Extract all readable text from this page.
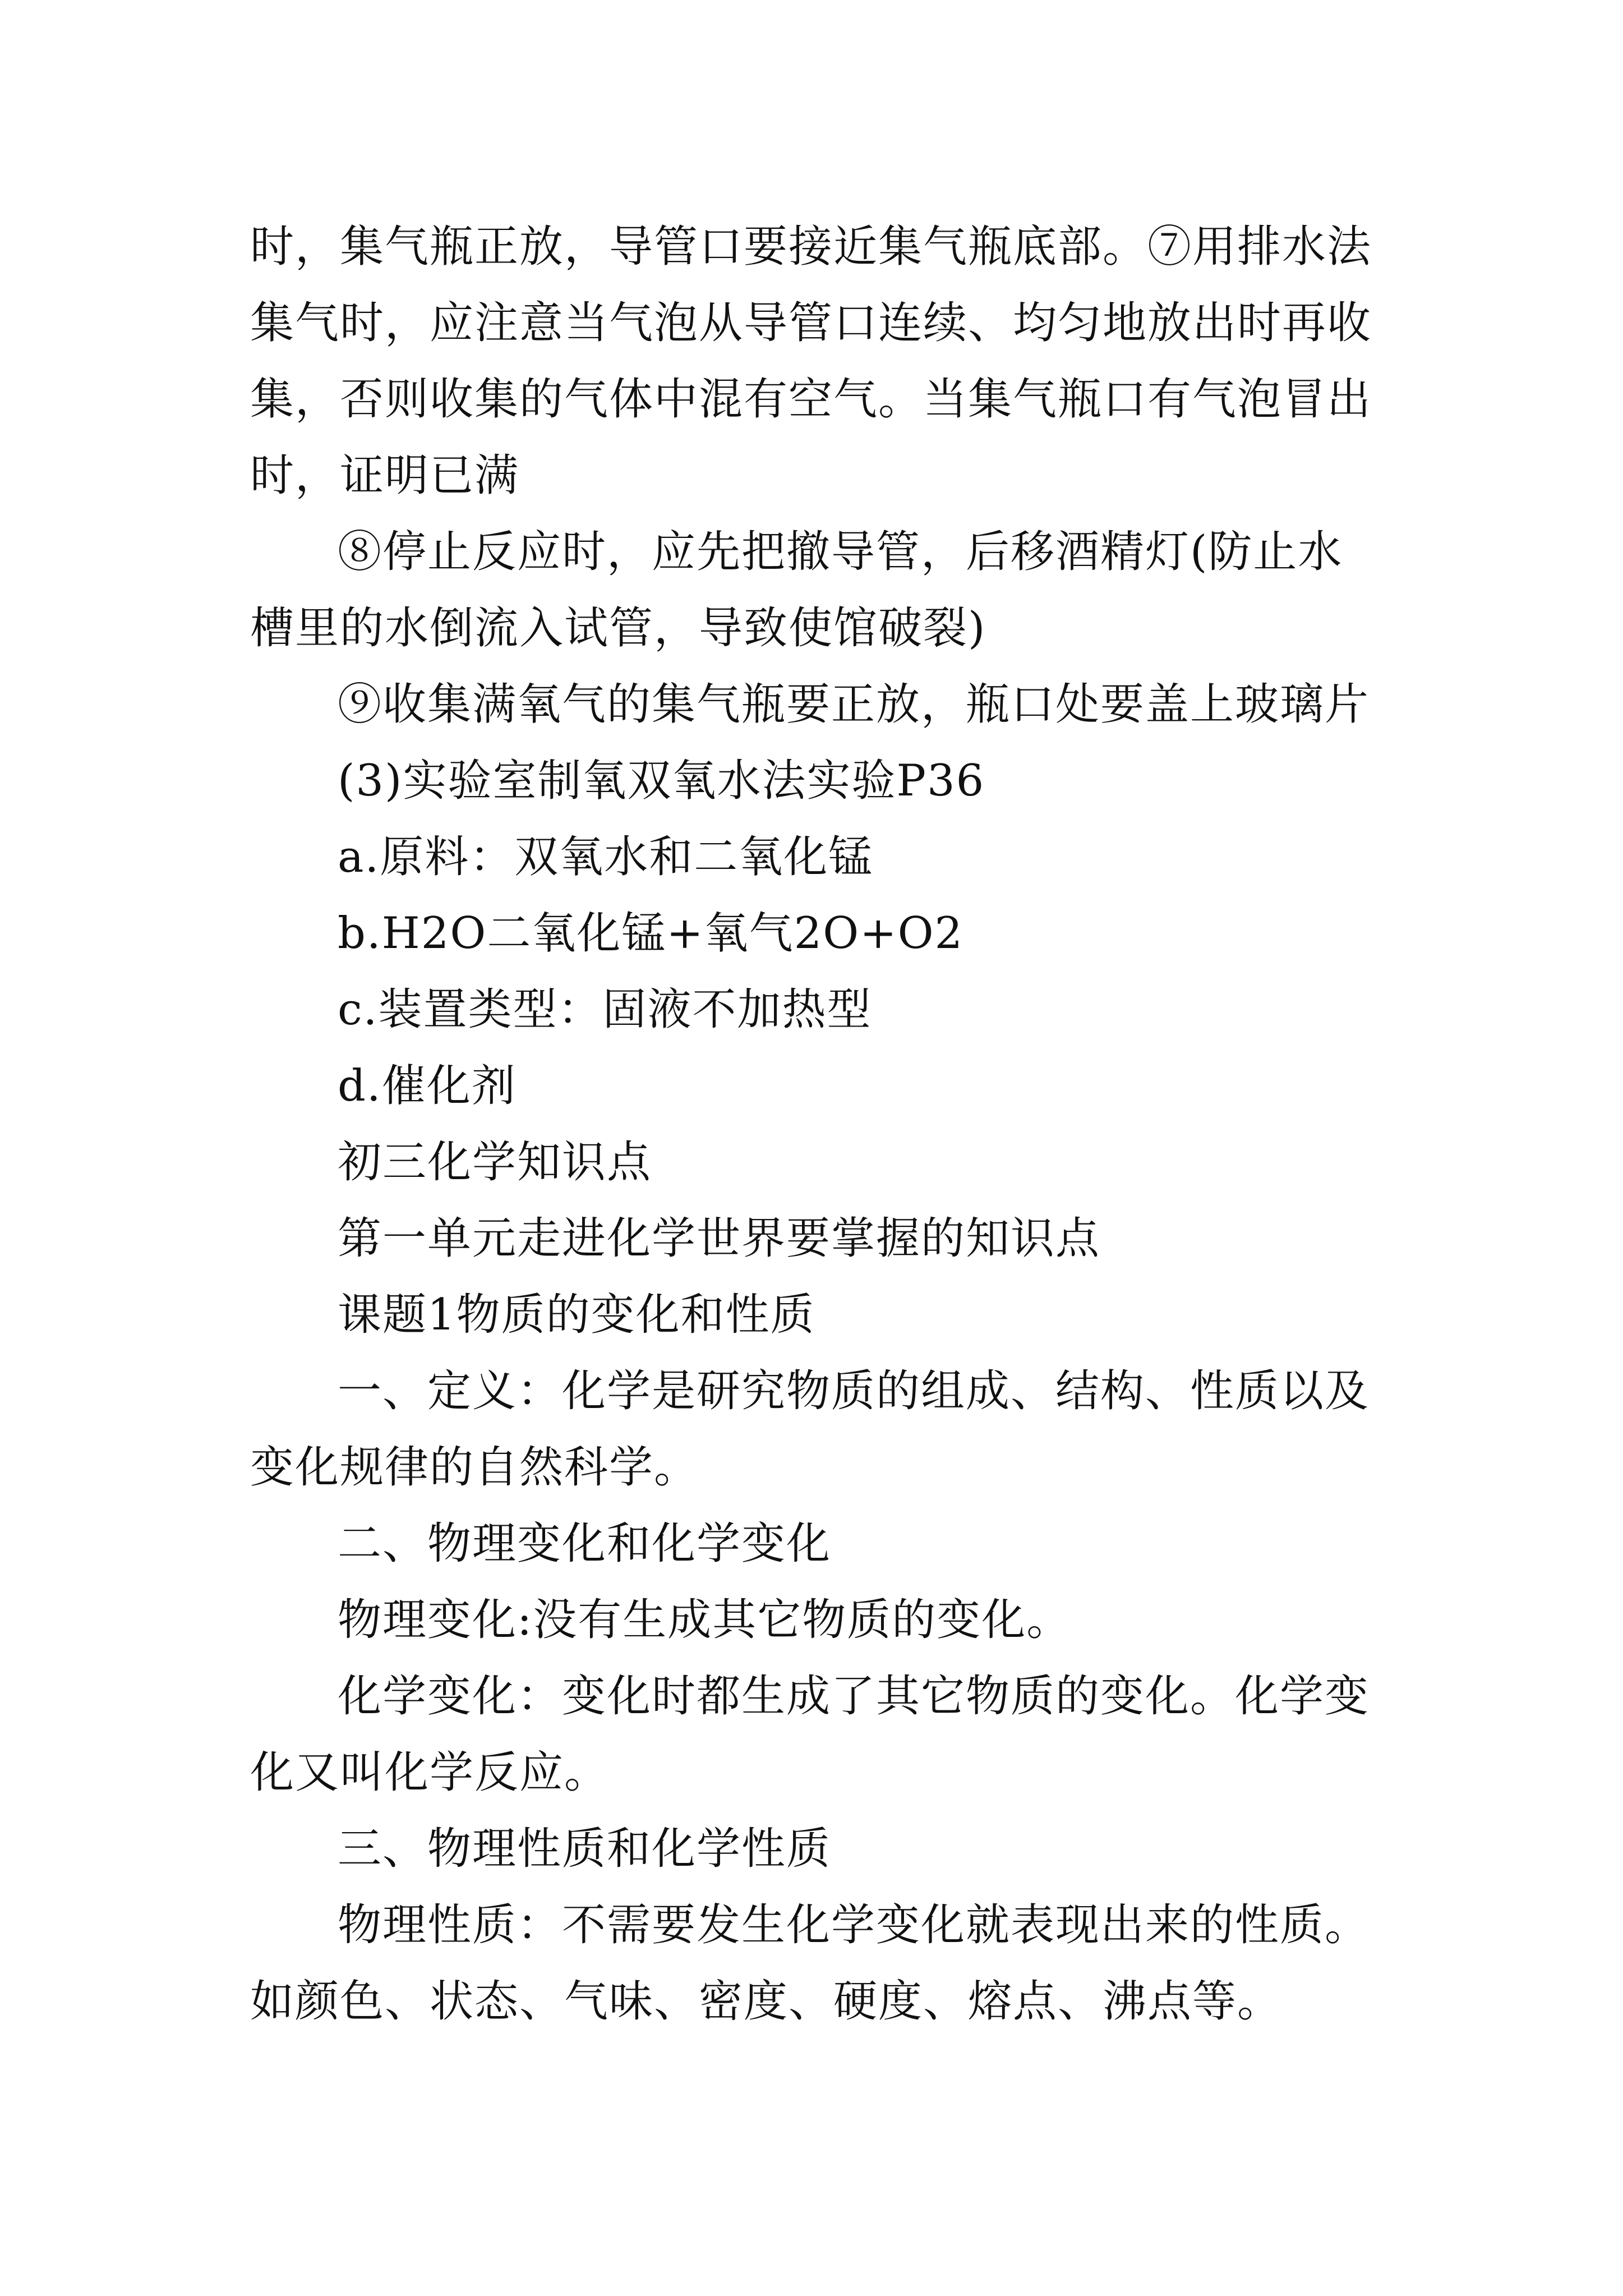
时，集气瓶正放，导管口要接近集气瓶底部。⑦用排水法集气时，应注意当气泡从导管口连续、均匀地放出时再收集，否则收集的气体中混有空气。当集气瓶口有气泡冒出时，证明已满

⑧停止反应时，应先把撤导管，后移酒精灯(防止水槽里的水倒流入试管，导致使馆破裂)

⑨收集满氧气的集气瓶要正放，瓶口处要盖上玻璃片

(3)实验室制氧双氧水法实验P36

a.原料：双氧水和二氧化锰

b.H2O二氧化锰+氧气2O+O2

c.装置类型：固液不加热型

d.催化剂

初三化学知识点

第一单元走进化学世界要掌握的知识点

课题1物质的变化和性质

一、定义：化学是研究物质的组成、结构、性质以及变化规律的自然科学。

二、物理变化和化学变化

物理变化:没有生成其它物质的变化。

化学变化：变化时都生成了其它物质的变化。化学变化又叫化学反应。

三、物理性质和化学性质

物理性质：不需要发生化学变化就表现出来的性质。如颜色、状态、气味、密度、硬度、熔点、沸点等。
